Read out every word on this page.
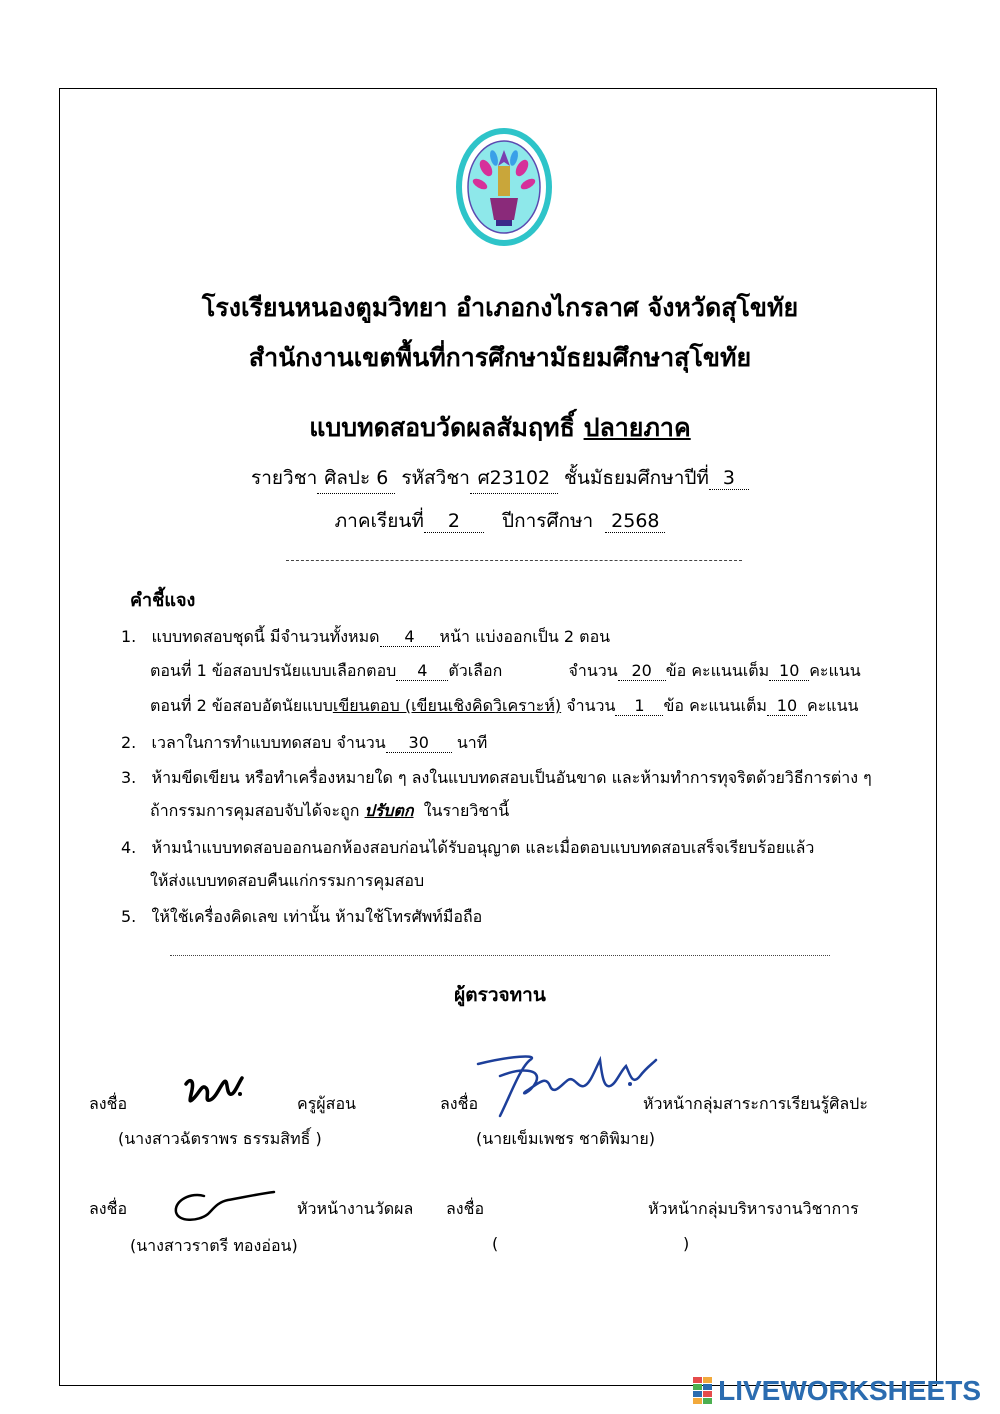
โรงเรียนหนองตูมวิทยา อำเภอกงไกรลาศ จังหวัดสุโขทัย
สำนักงานเขตพื้นที่การศึกษามัธยมศึกษาสุโขทัย
แบบทดสอบวัดผลสัมฤทธิ์ ปลายภาค
รายวิชา ศิลปะ 6 รหัสวิชา ศ23102 ชั้นมัธยมศึกษาปีที่ 3
ภาคเรียนที่ 2 ปีการศึกษา 2568
คำชี้แจง
1. แบบทดสอบชุดนี้ มีจำนวนทั้งหมด 4 หน้า แบ่งออกเป็น 2 ตอน
ตอนที่ 1 ข้อสอบปรนัยแบบเลือกตอบ 4 ตัวเลือก	จำนวน 20 ข้อ คะแนนเต็ม 10 คะแนน
ตอนที่ 2 ข้อสอบอัตนัยแบบเขียนตอบ (เขียนเชิงคิดวิเคราะห์) จำนวน 1 ข้อ คะแนนเต็ม 10 คะแนน
2. เวลาในการทำแบบทดสอบ จำนวน 30 นาที
3. ห้ามขีดเขียน หรือทำเครื่องหมายใด ๆ ลงในแบบทดสอบเป็นอันขาด และห้ามทำการทุจริตด้วยวิธีการต่าง ๆ
ถ้ากรรมการคุมสอบจับได้จะถูก ปรับตก ในรายวิชานี้
4. ห้ามนำแบบทดสอบออกนอกห้องสอบก่อนได้รับอนุญาต และเมื่อตอบแบบทดสอบเสร็จเรียบร้อยแล้ว
ให้ส่งแบบทดสอบคืนแก่กรรมการคุมสอบ
5. ให้ใช้เครื่องคิดเลข เท่านั้น ห้ามใช้โทรศัพท์มือถือ
ผู้ตรวจทาน
ลงชื่อ	ครูผู้สอน
(นางสาวฉัตราพร ธรรมสิทธิ์ )
ลงชื่อ	หัวหน้ากลุ่มสาระการเรียนรู้ศิลปะ
(นายเข็มเพชร ชาติพิมาย)
ลงชื่อ	หัวหน้างานวัดผล
(นางสาวราตรี ทองอ่อน)
ลงชื่อ	หัวหน้ากลุ่มบริหารงานวิชาการ
(	)
LIVEWORKSHEETS
